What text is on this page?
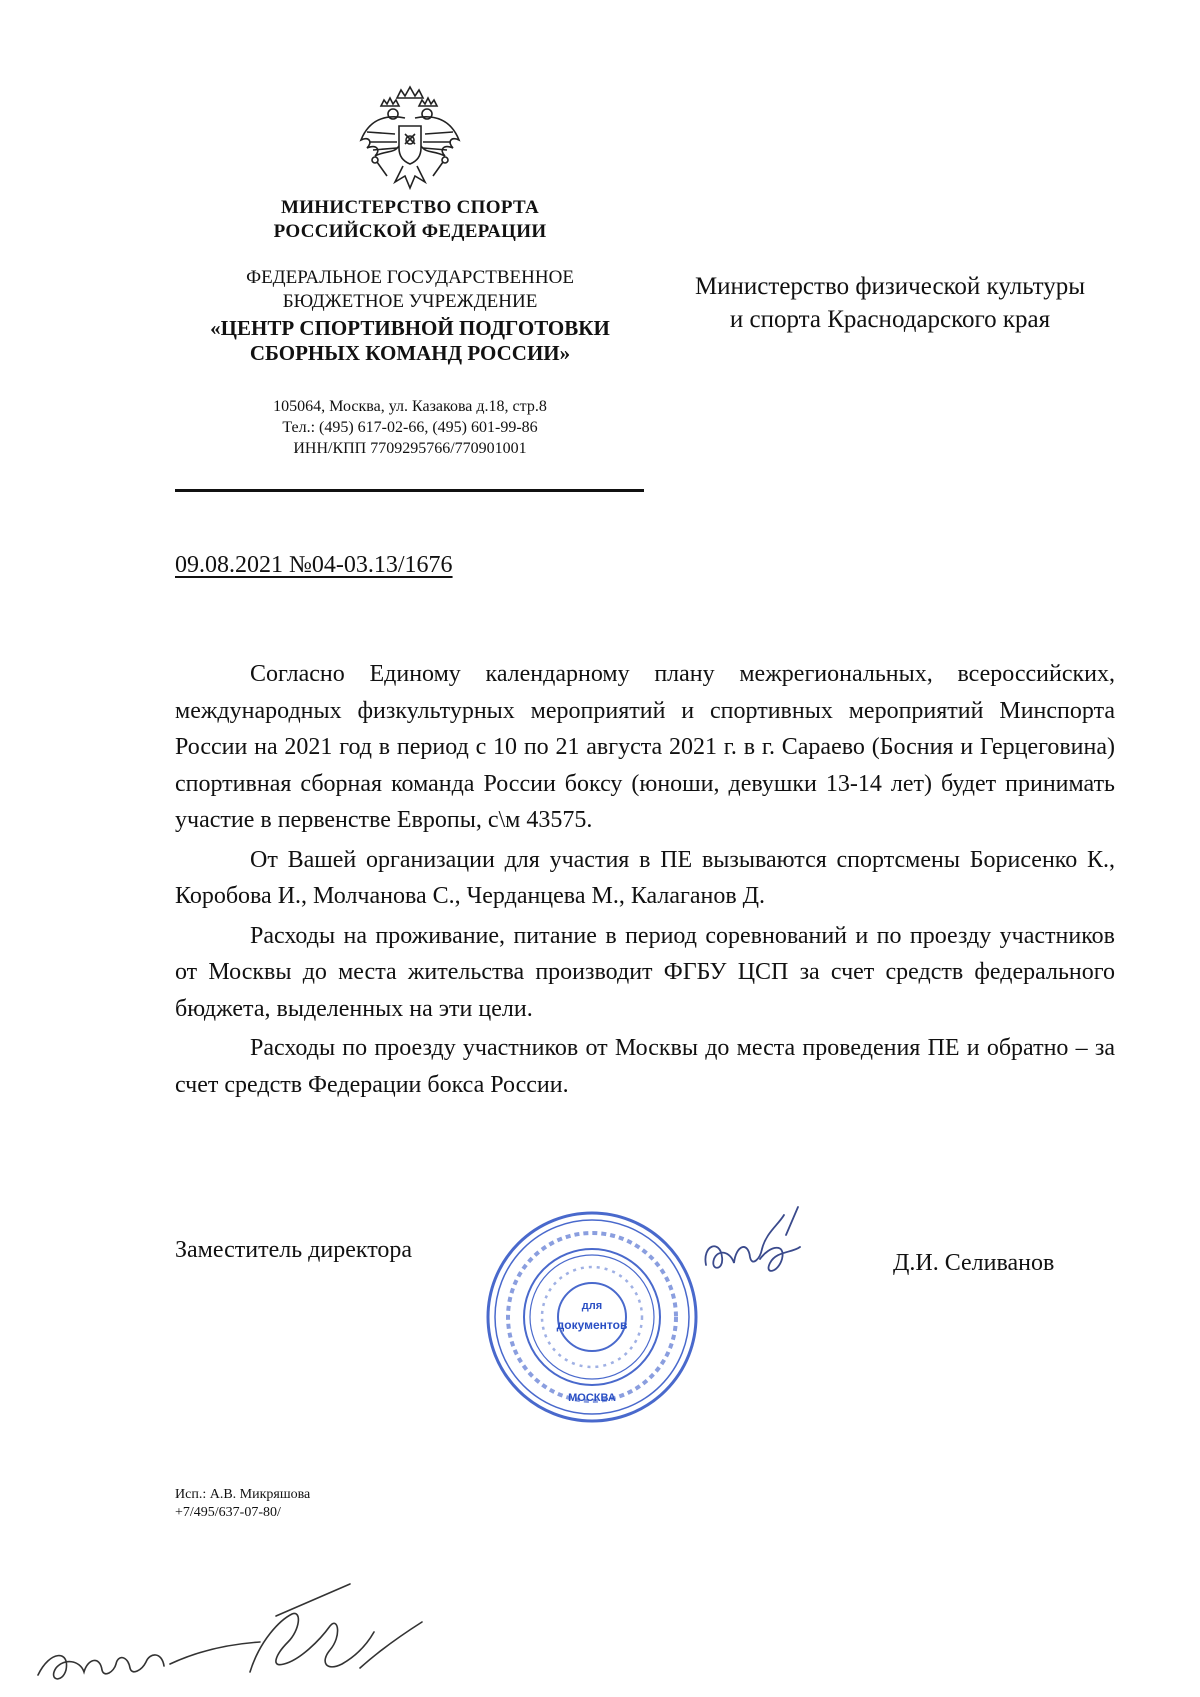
МИНИСТЕРСТВО СПОРТА
РОССИЙСКОЙ ФЕДЕРАЦИИ
ФЕДЕРАЛЬНОЕ ГОСУДАРСТВЕННОЕ
БЮДЖЕТНОЕ УЧРЕЖДЕНИЕ
«ЦЕНТР СПОРТИВНОЙ ПОДГОТОВКИ
СБОРНЫХ КОМАНД РОССИИ»
105064, Москва, ул. Казакова д.18, стр.8
Тел.: (495) 617-02-66, (495) 601-99-86
ИНН/КПП 7709295766/770901001
Министерство физической культуры
и спорта Краснодарского края
09.08.2021 №04-03.13/1676

Согласно Единому календарному плану межрегиональных, всероссийских, международных физкультурных мероприятий и спортивных мероприятий Минспорта России на 2021 год в период с 10 по 21 августа 2021 г. в г. Сараево (Босния и Герцеговина) спортивная сборная команда России боксу (юноши, девушки 13-14 лет) будет принимать участие в первенстве Европы, с\м 43575.

От Вашей организации для участия в ПЕ вызываются спортсмены Борисенко К., Коробова И., Молчанова С., Черданцева М., Калаганов Д.

Расходы на проживание, питание в период соревнований и по проезду участников от Москвы до места жительства производит ФГБУ ЦСП за счет средств федерального бюджета, выделенных на эти цели.

Расходы по проезду участников от Москвы до места проведения ПЕ и обратно – за счет средств Федерации бокса России.

Заместитель директора
для
документов
МОСКВА
Д.И. Селиванов
Исп.: А.В. Микряшова
+7/495/637-07-80/
